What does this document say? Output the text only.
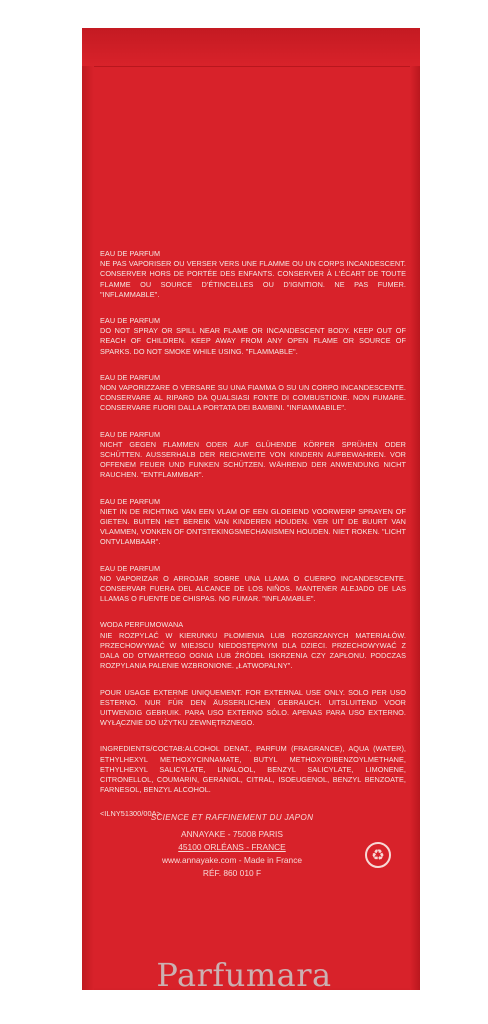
EAU DE PARFUM
NE PAS VAPORISER OU VERSER VERS UNE FLAMME OU UN CORPS INCANDESCENT. CONSERVER HORS DE PORTÉE DES ENFANTS. CONSERVER À L'ÉCART DE TOUTE FLAMME OU SOURCE D'ÉTINCELLES OU D'IGNITION. NE PAS FUMER. "INFLAMMABLE".
EAU DE PARFUM
DO NOT SPRAY OR SPILL NEAR FLAME OR INCANDESCENT BODY. KEEP OUT OF REACH OF CHILDREN. KEEP AWAY FROM ANY OPEN FLAME OR SOURCE OF SPARKS. DO NOT SMOKE WHILE USING. "FLAMMABLE".
EAU DE PARFUM
NON VAPORIZZARE O VERSARE SU UNA FIAMMA O SU UN CORPO INCANDESCENTE. CONSERVARE AL RIPARO DA QUALSIASI FONTE DI COMBUSTIONE. NON FUMARE. CONSERVARE FUORI DALLA PORTATA DEI BAMBINI. "INFIAMMABILE".
EAU DE PARFUM
NICHT GEGEN FLAMMEN ODER AUF GLÜHENDE KÖRPER SPRÜHEN ODER SCHÜTTEN. AUSSERHALB DER REICHWEITE VON KINDERN AUFBEWAHREN. VOR OFFENEM FEUER UND FUNKEN SCHÜTZEN. WÄHREND DER ANWENDUNG NICHT RAUCHEN. "ENTFLAMMBAR".
EAU DE PARFUM
NIET IN DE RICHTING VAN EEN VLAM OF EEN GLOEIEND VOORWERP SPRAYEN OF GIETEN. BUITEN HET BEREIK VAN KINDEREN HOUDEN. VER UIT DE BUURT VAN VLAMMEN, VONKEN OF ONTSTEKINGSMECHANISMEN HOUDEN. NIET ROKEN. "LICHT ONTVLAMBAAR".
EAU DE PARFUM
NO VAPORIZAR O ARROJAR SOBRE UNA LLAMA O CUERPO INCANDESCENTE. CONSERVAR FUERA DEL ALCANCE DE LOS NIÑOS. MANTENER ALEJADO DE LAS LLAMAS O FUENTE DE CHISPAS. NO FUMAR. "INFLAMABLE".
WODA PERFUMOWANA
NIE ROZPYLAĆ W KIERUNKU PŁOMIENIA LUB ROZGRZANYCH MATERIAŁÓW. PRZECHOWYWAĆ W MIEJSCU NIEDOSTĘPNYM DLA DZIECI. PRZECHOWYWAĆ Z DALA OD OTWARTEGO OGNIA LUB ŹRÓDEŁ ISKRZENIA CZY ZAPŁONU. PODCZAS ROZPYLANIA PALENIE WZBRONIONE. „ŁATWOPALNY".
POUR USAGE EXTERNE UNIQUEMENT. FOR EXTERNAL USE ONLY. SOLO PER USO ESTERNO. NUR FÜR DEN ÄUSSERLICHEN GEBRAUCH. UITSLUITEND VOOR UITWENDIG GEBRUIK. PARA USO EXTERNO SÓLO. APENAS PARA USO EXTERNO. WYŁĄCZNIE DO UŻYTKU ZEWNĘTRZNEGO.
INGREDIENTS/COCTAB:ALCOHOL DENAT., PARFUM (FRAGRANCE), AQUA (WATER), ETHYLHEXYL METHOXYCINNAMATE, BUTYL METHOXYDIBENZOYLMETHANE, ETHYLHEXYL SALICYLATE, LINALOOL, BENZYL SALICYLATE, LIMONENE, CITRONELLOL, COUMARIN, GERANIOL, CITRAL, ISOEUGENOL, BENZYL BENZOATE, FARNESOL, BENZYL ALCOHOL.
<ILNY51300/00A>
SCIENCE ET RAFFINEMENT DU JAPON
ANNAYAKE - 75008 PARIS
45100 ORLÉANS - FRANCE
www.annayake.com - Made in France
RÉF. 860 010 F
♻
Parfumara
